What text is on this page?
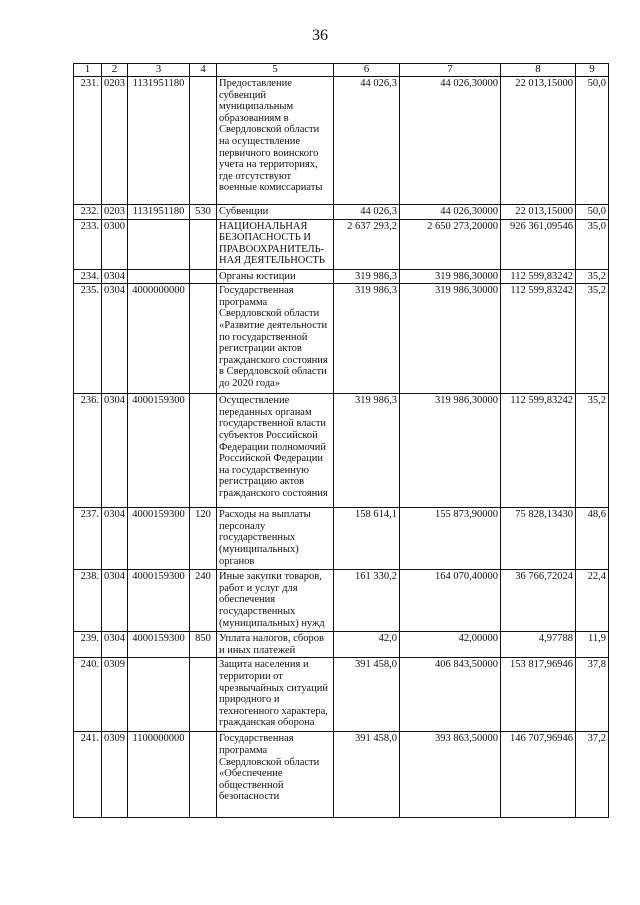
36
1	2	3	4	5	6	7	8	9
231.	0203	1131951180		Предоставление субвенций муниципальным образованиям в Свердловской области на осуществление первичного воинского учета на территориях, где отсутствуют военные комиссариаты	44 026,3	44 026,30000	22 013,15000	50,0
232.	0203	1131951180	530	Субвенции	44 026,3	44 026,30000	22 013,15000	50,0
233.	0300			НАЦИОНАЛЬНАЯ БЕЗОПАСНОСТЬ И ПРАВООХРАНИТЕЛЬ-НАЯ ДЕЯТЕЛЬНОСТЬ	2 637 293,2	2 650 273,20000	926 361,09546	35,0
234.	0304			Органы юстиции	319 986,3	319 986,30000	112 599,83242	35,2
235.	0304	4000000000		Государственная программа Свердловской области «Развитие деятельности по государственной регистрации актов гражданского состояния в Свердловской области до 2020 года»	319 986,3	319 986,30000	112 599,83242	35,2
236.	0304	4000159300		Осуществление переданных органам государственной власти субъектов Российской Федерации полномочий Российской Федерации на государственную регистрацию актов гражданского состояния	319 986,3	319 986,30000	112 599,83242	35,2
237.	0304	4000159300	120	Расходы на выплаты персоналу государственных (муниципальных) органов	158 614,1	155 873,90000	75 828,13430	48,6
238.	0304	4000159300	240	Иные закупки товаров, работ и услуг для обеспечения государственных (муниципальных) нужд	161 330,2	164 070,40000	36 766,72024	22,4
239.	0304	4000159300	850	Уплата налогов, сборов и иных платежей	42,0	42,00000	4,97788	11,9
240.	0309			Защита населения и территории от чрезвычайных ситуаций природного и техногенного характера, гражданская оборона	391 458,0	406 843,50000	153 817,96946	37,8
241.	0309	1100000000		Государственная программа Свердловской области «Обеспечение общественной безопасности	391 458,0	393 863,50000	146 707,96946	37,2
